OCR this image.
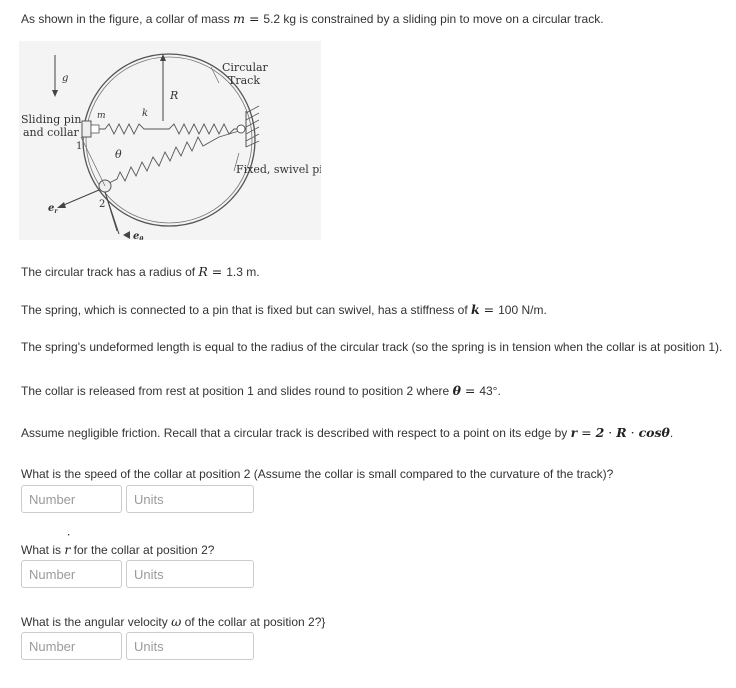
As shown in the figure, a collar of mass m = 5.2 kg is constrained by a sliding pin to move on a circular track.
Circular
Track
R
g
m	k
Sliding pin
and collar
1
θ
Fixed, swivel pin
2
$e_r$
$e_\theta$
The circular track has a radius of R = 1.3 m.
The spring, which is connected to a pin that is fixed but can swivel, has a stiffness of k = 100 N/m.
The spring's undeformed length is equal to the radius of the circular track (so the spring is in tension when the collar is at position 1).
The collar is released from rest at position 1 and slides round to position 2 where θ = 43°.
Assume negligible friction. Recall that a circular track is described with respect to a point on its edge by r = 2 · R · cosθ.
What is the speed of the collar at position 2 (Assume the collar is small compared to the curvature of the track)?
Number
Units
What is ˙ r for the collar at position 2?
Number
Units
What is the angular velocity ω of the collar at position 2?}
Number
Units
